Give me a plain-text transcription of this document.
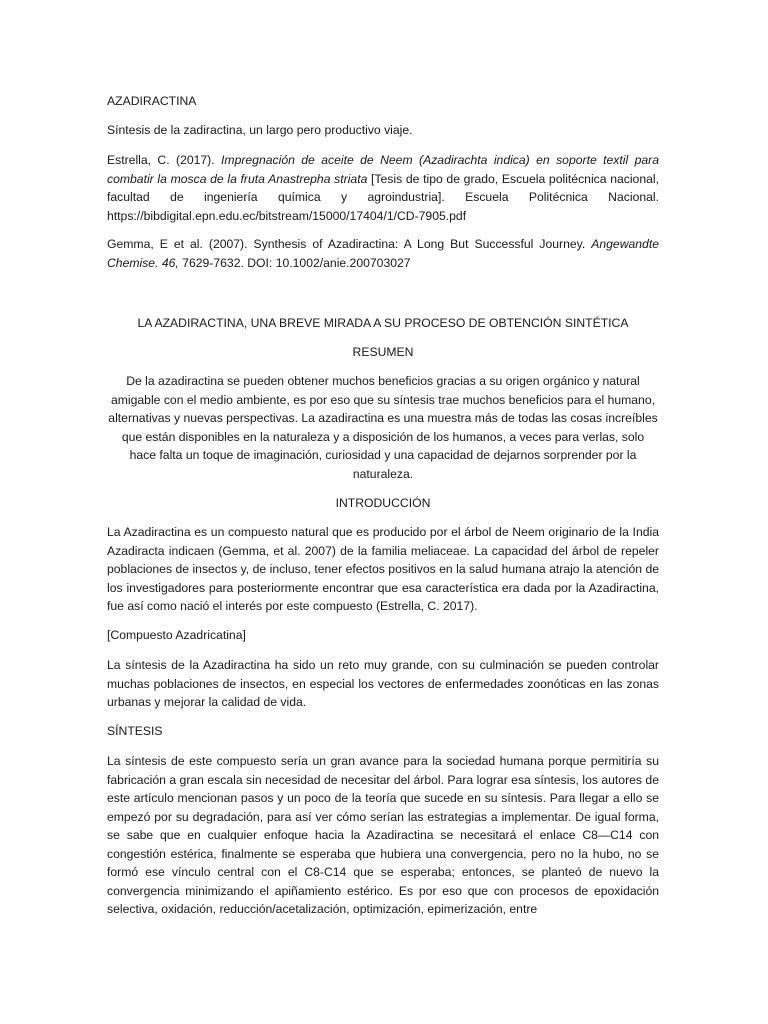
AZADIRACTINA

Síntesis de la zadiractina, un largo pero productivo viaje.

Estrella, C. (2017). Impregnación de aceite de Neem (Azadirachta indica) en soporte textil para combatir la mosca de la fruta Anastrepha striata [Tesis de tipo de grado, Escuela politécnica nacional, facultad de ingeniería química y agroindustria]. Escuela Politécnica Nacional. https://bibdigital.epn.edu.ec/bitstream/15000/17404/1/CD-7905.pdf

Gemma, E et al. (2007). Synthesis of Azadiractina: A Long But Successful Journey. Angewandte Chemise. 46, 7629-7632. DOI: 10.1002/anie.200703027

LA AZADIRACTINA, UNA BREVE MIRADA A SU PROCESO DE OBTENCIÓN SINTÉTICA

RESUMEN

De la azadiractina se pueden obtener muchos beneficios gracias a su origen orgánico y natural amigable con el medio ambiente, es por eso que su síntesis trae muchos beneficios para el humano, alternativas y nuevas perspectivas. La azadiractina es una muestra más de todas las cosas increíbles que están disponibles en la naturaleza y a disposición de los humanos, a veces para verlas, solo hace falta un toque de imaginación, curiosidad y una capacidad de dejarnos sorprender por la naturaleza.

INTRODUCCIÓN

La Azadiractina es un compuesto natural que es producido por el árbol de Neem originario de la India Azadiracta indicaen (Gemma, et al. 2007) de la familia meliaceae. La capacidad del árbol de repeler poblaciones de insectos y, de incluso, tener efectos positivos en la salud humana atrajo la atención de los investigadores para posteriormente encontrar que esa característica era dada por la Azadiractina, fue así como nació el interés por este compuesto (Estrella, C. 2017).

[Compuesto Azadricatina]

La síntesis de la Azadiractina ha sido un reto muy grande, con su culminación se pueden controlar muchas poblaciones de insectos, en especial los vectores de enfermedades zoonóticas en las zonas urbanas y mejorar la calidad de vida.

SÍNTESIS

La síntesis de este compuesto sería un gran avance para la sociedad humana porque permitiría su fabricación a gran escala sin necesidad de necesitar del árbol. Para lograr esa síntesis, los autores de este artículo mencionan pasos y un poco de la teoría que sucede en su síntesis. Para llegar a ello se empezó por su degradación, para así ver cómo serían las estrategias a implementar. De igual forma, se sabe que en cualquier enfoque hacia la Azadiractina se necesitará el enlace C8—C14 con congestión estérica, finalmente se esperaba que hubiera una convergencia, pero no la hubo, no se formó ese vínculo central con el C8-C14 que se esperaba; entonces, se planteó de nuevo la convergencia minimizando el apiñamiento estérico. Es por eso que con procesos de epoxidación selectiva, oxidación, reducción/acetalización, optimización, epimerización, entre
